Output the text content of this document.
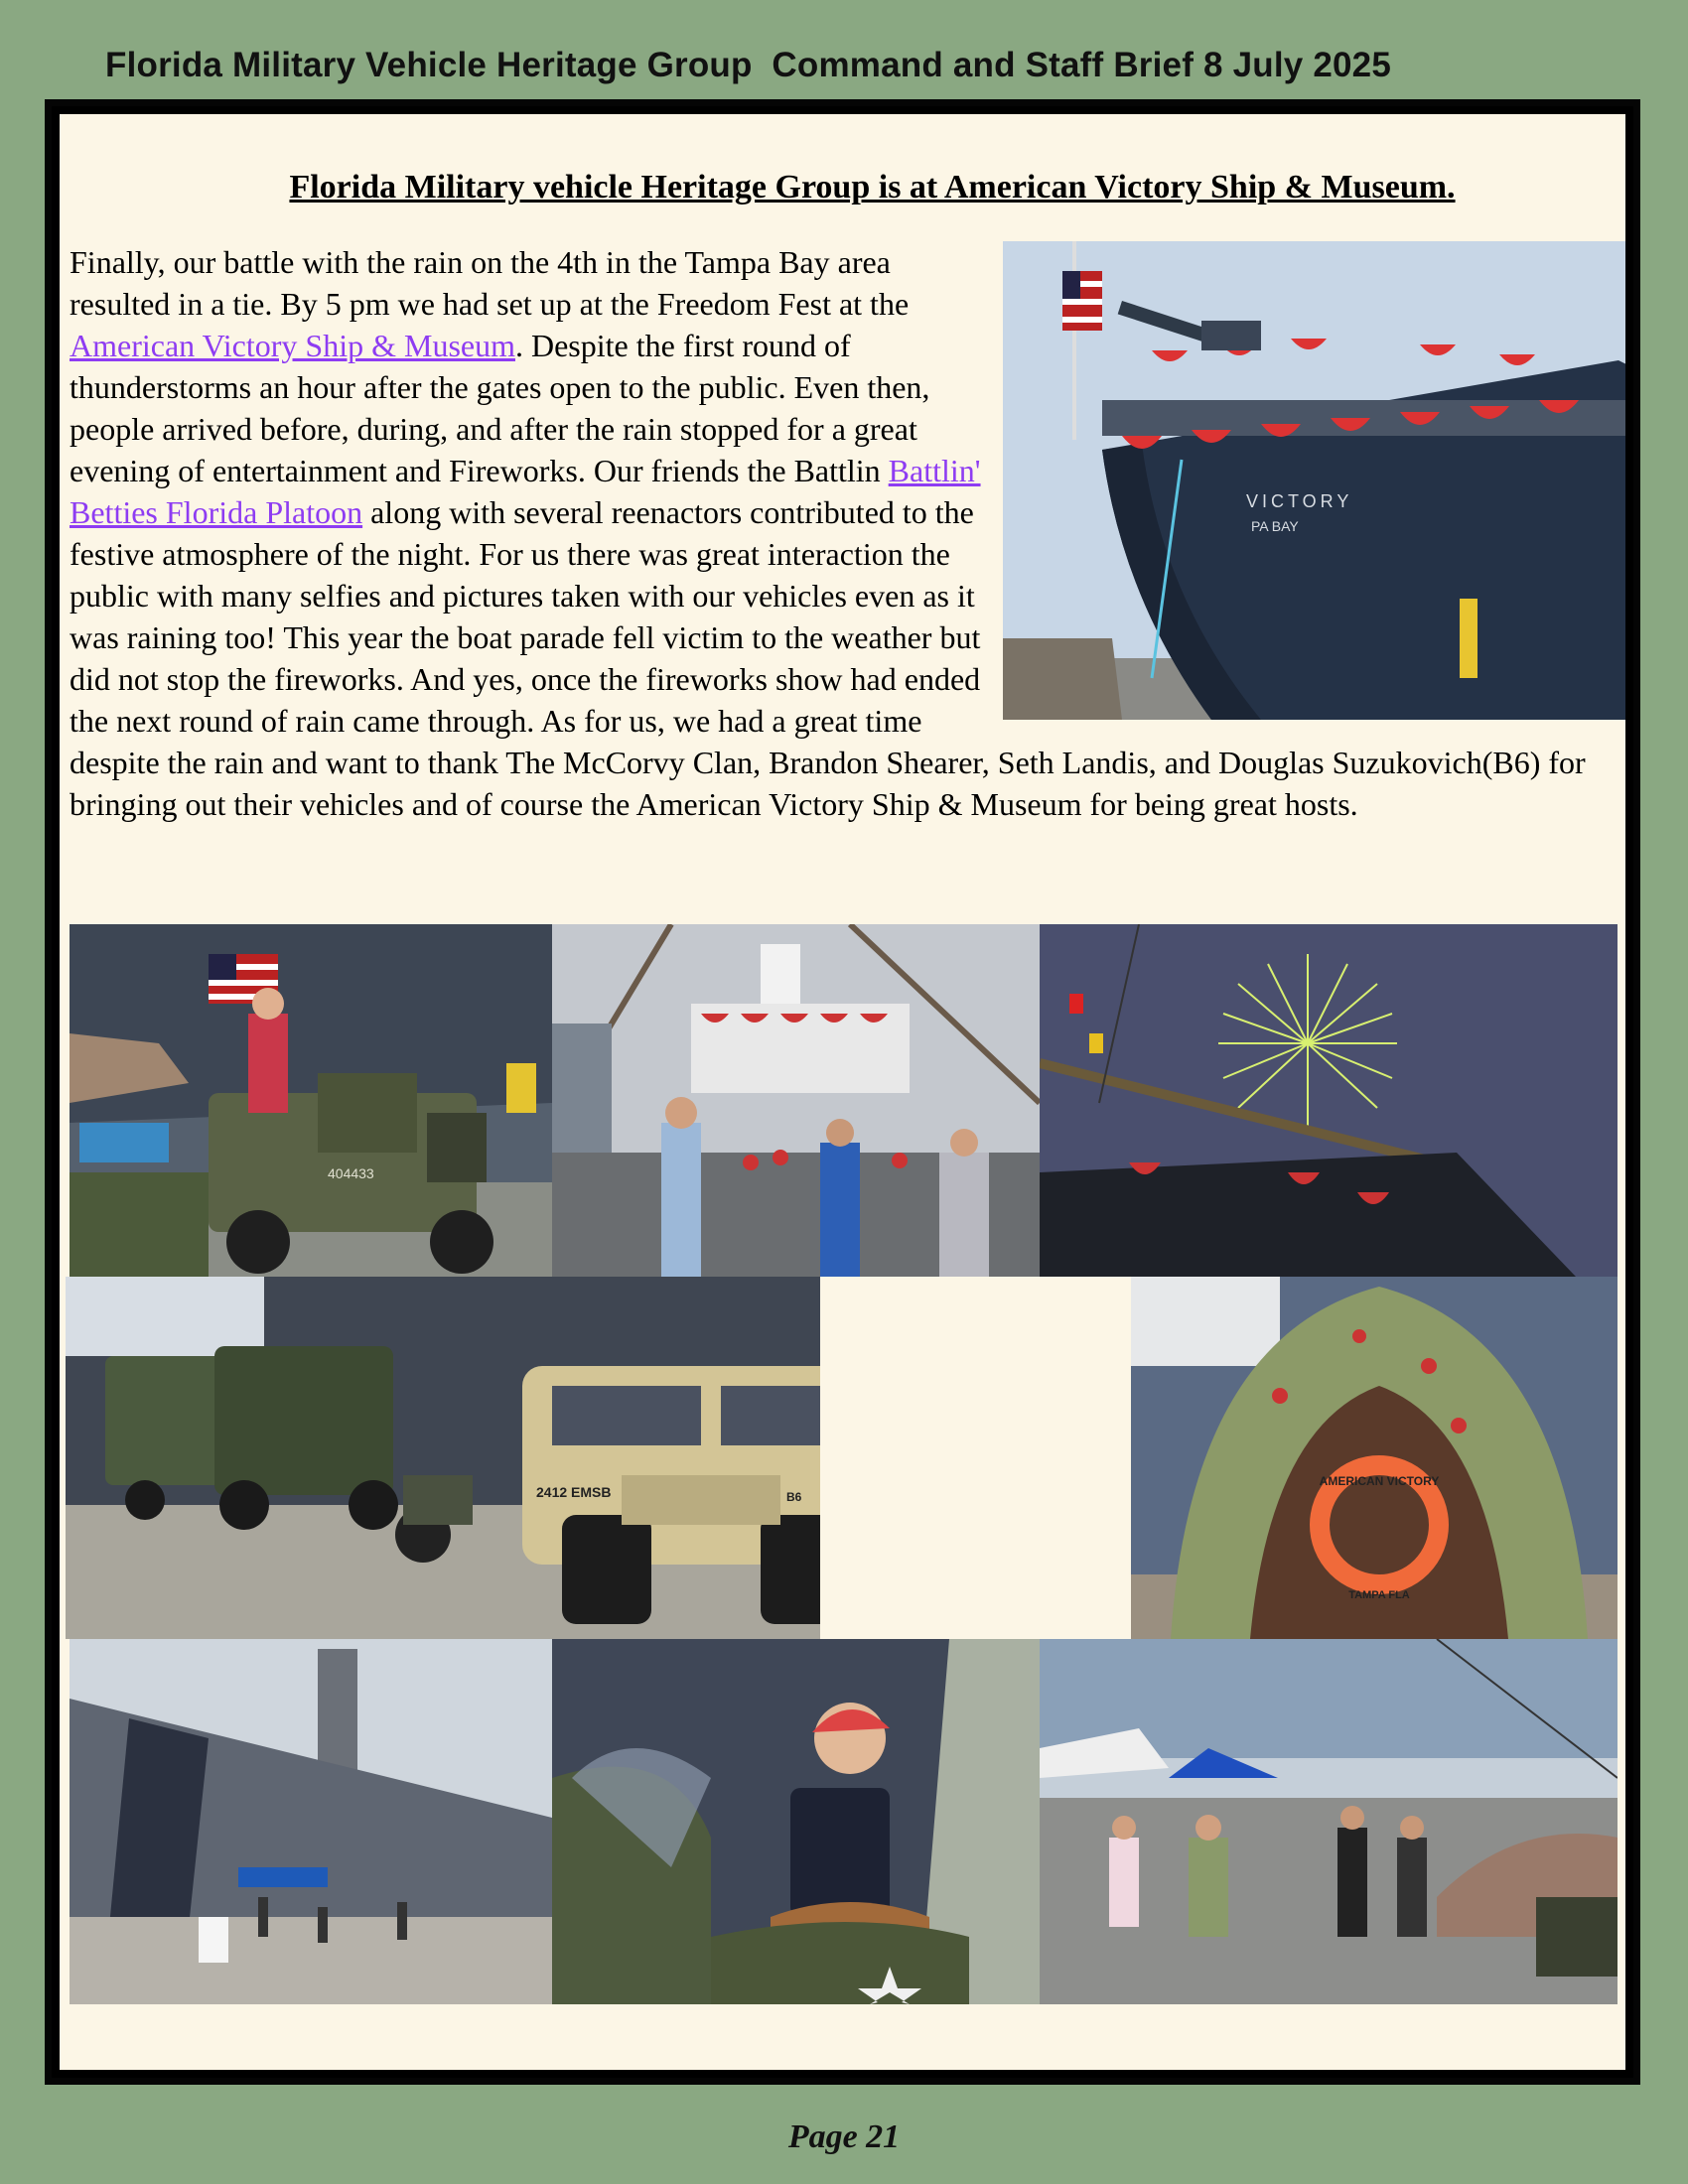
Florida Military Vehicle Heritage Group  Command and Staff Brief 8 July 2025
Florida Military vehicle Heritage Group is at American Victory Ship & Museum.
VICTORY
PA BAY
Finally, our battle with the rain on the 4th in the Tampa Bay area resulted in a tie. By 5 pm we had set up at the Freedom Fest at the American Victory Ship & Museum. Despite the first round of thunderstorms an hour after the gates open to the public. Even then, people arrived before, during, and after the rain stopped for a great evening of entertainment and Fireworks. Our friends the Battlin Battlin' Betties Florida Platoon along with several reenactors contributed to the festive atmosphere of the night. For us there was great interaction the public with many selfies and pictures taken with our vehicles even as it was raining too! This year the boat parade fell victim to the weather but did not stop the fireworks. And yes, once the fireworks show had ended the next round of rain came through. As for us, we had a great time despite the rain and want to thank The McCorvy Clan, Brandon Shearer, Seth Landis, and Douglas Suzukovich(B6) for bringing out their vehicles and of course the American Victory Ship & Museum for being great hosts.
404433
2412 EMSB	B6
AMERICAN VICTORY
TAMPA FLA
Page 21
